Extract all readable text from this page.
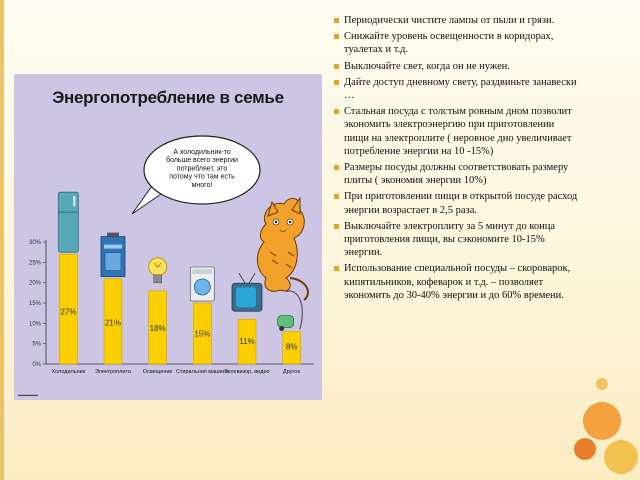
Энергопотребление в семье
А холодильник-то больше всего энергии потребляет, это потому что там есть много!
0%
5%
10%
15%
20%
25%
30%
27%
Холодильник
21%
Электроплита
18%
Освещение
15%
Стиральная машина
11%
Телевизор, видео
8%
Другое
▬▬▬▬▬
Периодически чистите лампы от пыли и грязи.
Снижайте уровень освещенности в коридорах, туалетах и т.д.
Выключайте свет, когда он не нужен.
Дайте доступ дневному свету, раздвиньте занавески …
Стальная посуда с толстым ровным дном позволит экономить электроэнергию при приготовлении пищи на электроплите ( неровное дно увеличивает потребление энергии на 10 -15%)
Размеры посуды должны соответствовать размеру плиты ( экономия энергии 10%)
При приготовлении пищи в открытой посуде расход энергии возрастает в 2,5 раза.
Выключайте электроплиту за 5 минут до конца приготовления пищи, вы сэкономите 10-15% энергии.
Использование специальной посуды – скороварок, кипятильников, кофеварок и т.д. – позволяет экономить до 30-40% энергии и до 60% времени.
